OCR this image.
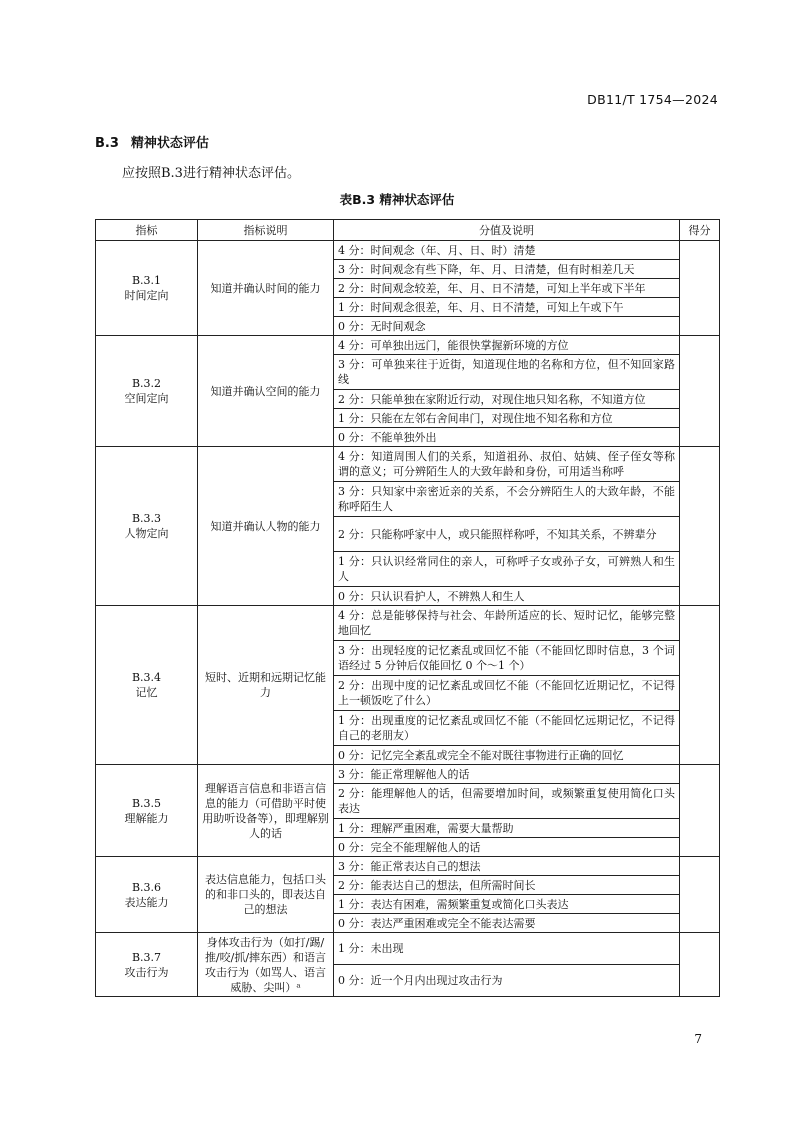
DB11/T 1754—2024
B.3 精神状态评估
应按照B.3进行精神状态评估。
表B.3 精神状态评估
指标	指标说明	分值及说明	得分
B.3.1
时间定向	知道并确认时间的能力	4 分：时间观念（年、月、日、时）清楚	
		3 分：时间观念有些下降，年、月、日清楚，但有时相差几天	
		2 分：时间观念较差，年、月、日不清楚，可知上半年或下半年	
		1 分：时间观念很差，年、月、日不清楚，可知上午或下午	
		0 分：无时间观念	
B.3.2
空间定向	知道并确认空间的能力	4 分：可单独出远门，能很快掌握新环境的方位	
		3 分：可单独来往于近街，知道现住地的名称和方位，但不知回家路线	
		2 分：只能单独在家附近行动，对现住地只知名称，不知道方位	
		1 分：只能在左邻右舍间串门，对现住地不知名称和方位	
		0 分：不能单独外出	
B.3.3
人物定向	知道并确认人物的能力	4 分：知道周围人们的关系，知道祖孙、叔伯、姑姨、侄子侄女等称谓的意义；可分辨陌生人的大致年龄和身份，可用适当称呼	
		3 分：只知家中亲密近亲的关系，不会分辨陌生人的大致年龄，不能称呼陌生人	
		2 分：只能称呼家中人，或只能照样称呼，不知其关系，不辨辈分	
		1 分：只认识经常同住的亲人，可称呼子女或孙子女，可辨熟人和生人	
		0 分：只认识看护人，不辨熟人和生人	
B.3.4
记忆	短时、近期和远期记忆能力	4 分：总是能够保持与社会、年龄所适应的长、短时记忆，能够完整地回忆	
		3 分：出现轻度的记忆紊乱或回忆不能（不能回忆即时信息，3 个词语经过 5 分钟后仅能回忆 0 个～1 个）	
		2 分：出现中度的记忆紊乱或回忆不能（不能回忆近期记忆，不记得上一顿饭吃了什么）	
		1 分：出现重度的记忆紊乱或回忆不能（不能回忆远期记忆，不记得自己的老朋友）	
		0 分：记忆完全紊乱或完全不能对既往事物进行正确的回忆	
B.3.5
理解能力	理解语言信息和非语言信息的能力（可借助平时使用助听设备等），即理解别人的话	3 分：能正常理解他人的话	
		2 分：能理解他人的话，但需要增加时间，或频繁重复使用简化口头表达	
		1 分：理解严重困难，需要大量帮助	
		0 分：完全不能理解他人的话	
B.3.6
表达能力	表达信息能力，包括口头的和非口头的，即表达自己的想法	3 分：能正常表达自己的想法	
		2 分：能表达自己的想法，但所需时间长	
		1 分：表达有困难，需频繁重复或简化口头表达	
		0 分：表达严重困难或完全不能表达需要	
B.3.7
攻击行为	身体攻击行为（如打/踢/推/咬/抓/摔东西）和语言攻击行为（如骂人、语言威胁、尖叫）ᵃ	1 分：未出现	
		0 分：近一个月内出现过攻击行为	
7
